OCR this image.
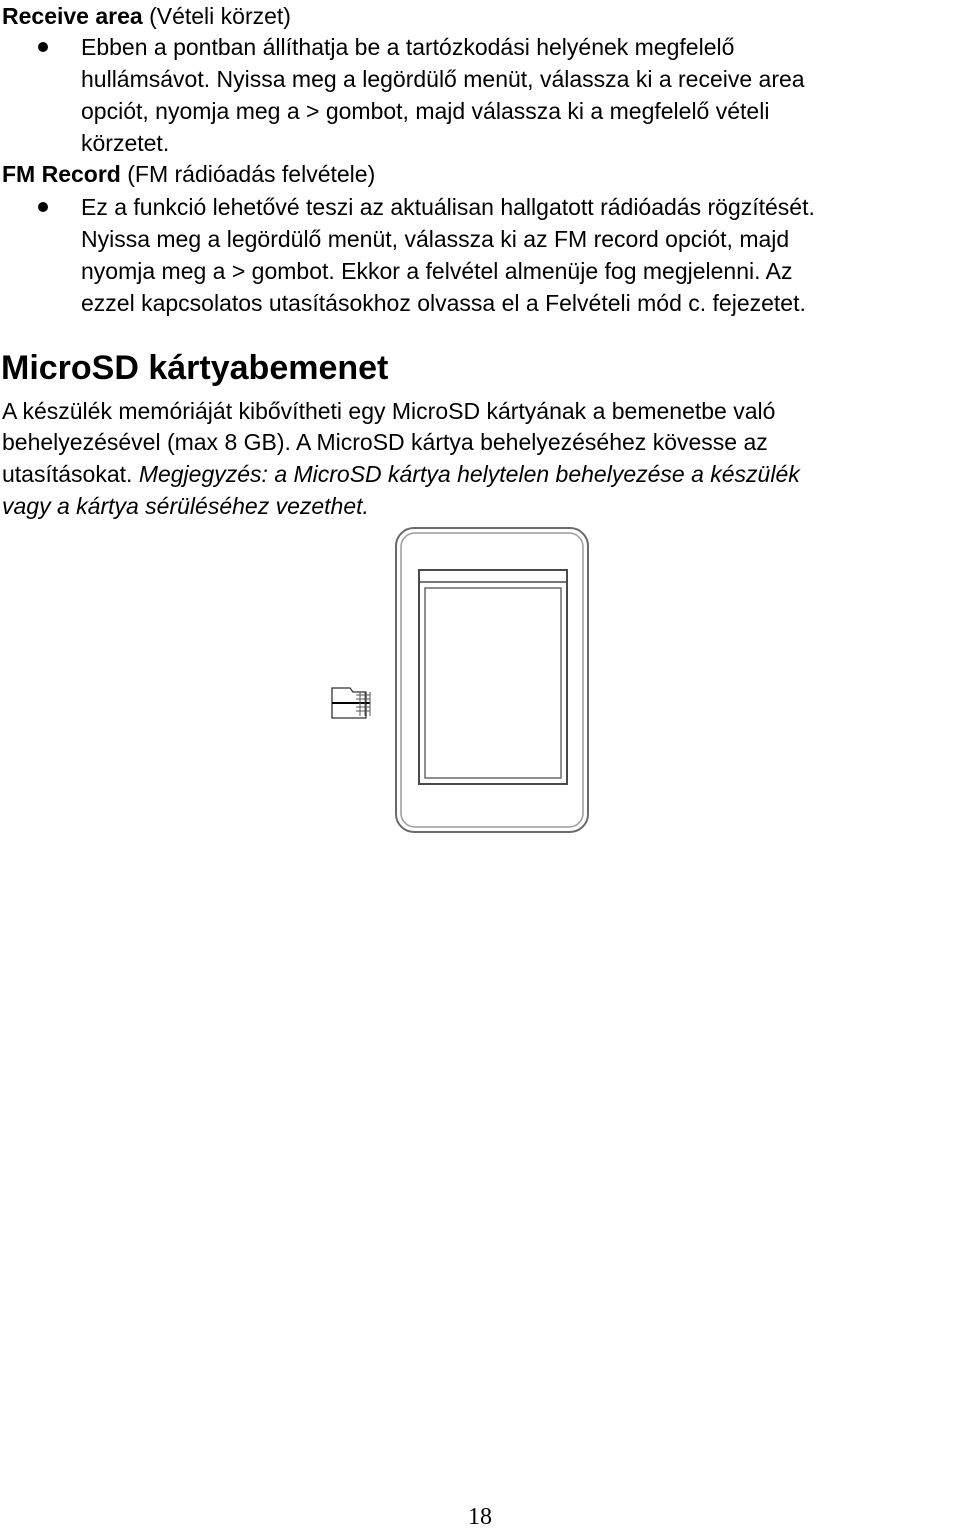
Receive area (Vételi körzet)
Ebben a pontban állíthatja be a tartózkodási helyének megfelelő
hullámsávot. Nyissa meg a legördülő menüt, válassza ki a receive area
opciót, nyomja meg a > gombot, majd válassza ki a megfelelő vételi
körzetet.
FM Record (FM rádióadás felvétele)
Ez a funkció lehetővé teszi az aktuálisan hallgatott rádióadás rögzítését.
Nyissa meg a legördülő menüt, válassza ki az FM record opciót, majd
nyomja meg a > gombot. Ekkor a felvétel almenüje fog megjelenni. Az
ezzel kapcsolatos utasításokhoz olvassa el a Felvételi mód c. fejezetet.
MicroSD kártyabemenet
A készülék memóriáját kibővítheti egy MicroSD kártyának a bemenetbe való
behelyezésével (max 8 GB). A MicroSD kártya behelyezéséhez kövesse az
utasításokat. Megjegyzés: a MicroSD kártya helytelen behelyezése a készülék
vagy a kártya sérüléséhez vezethet.
18
